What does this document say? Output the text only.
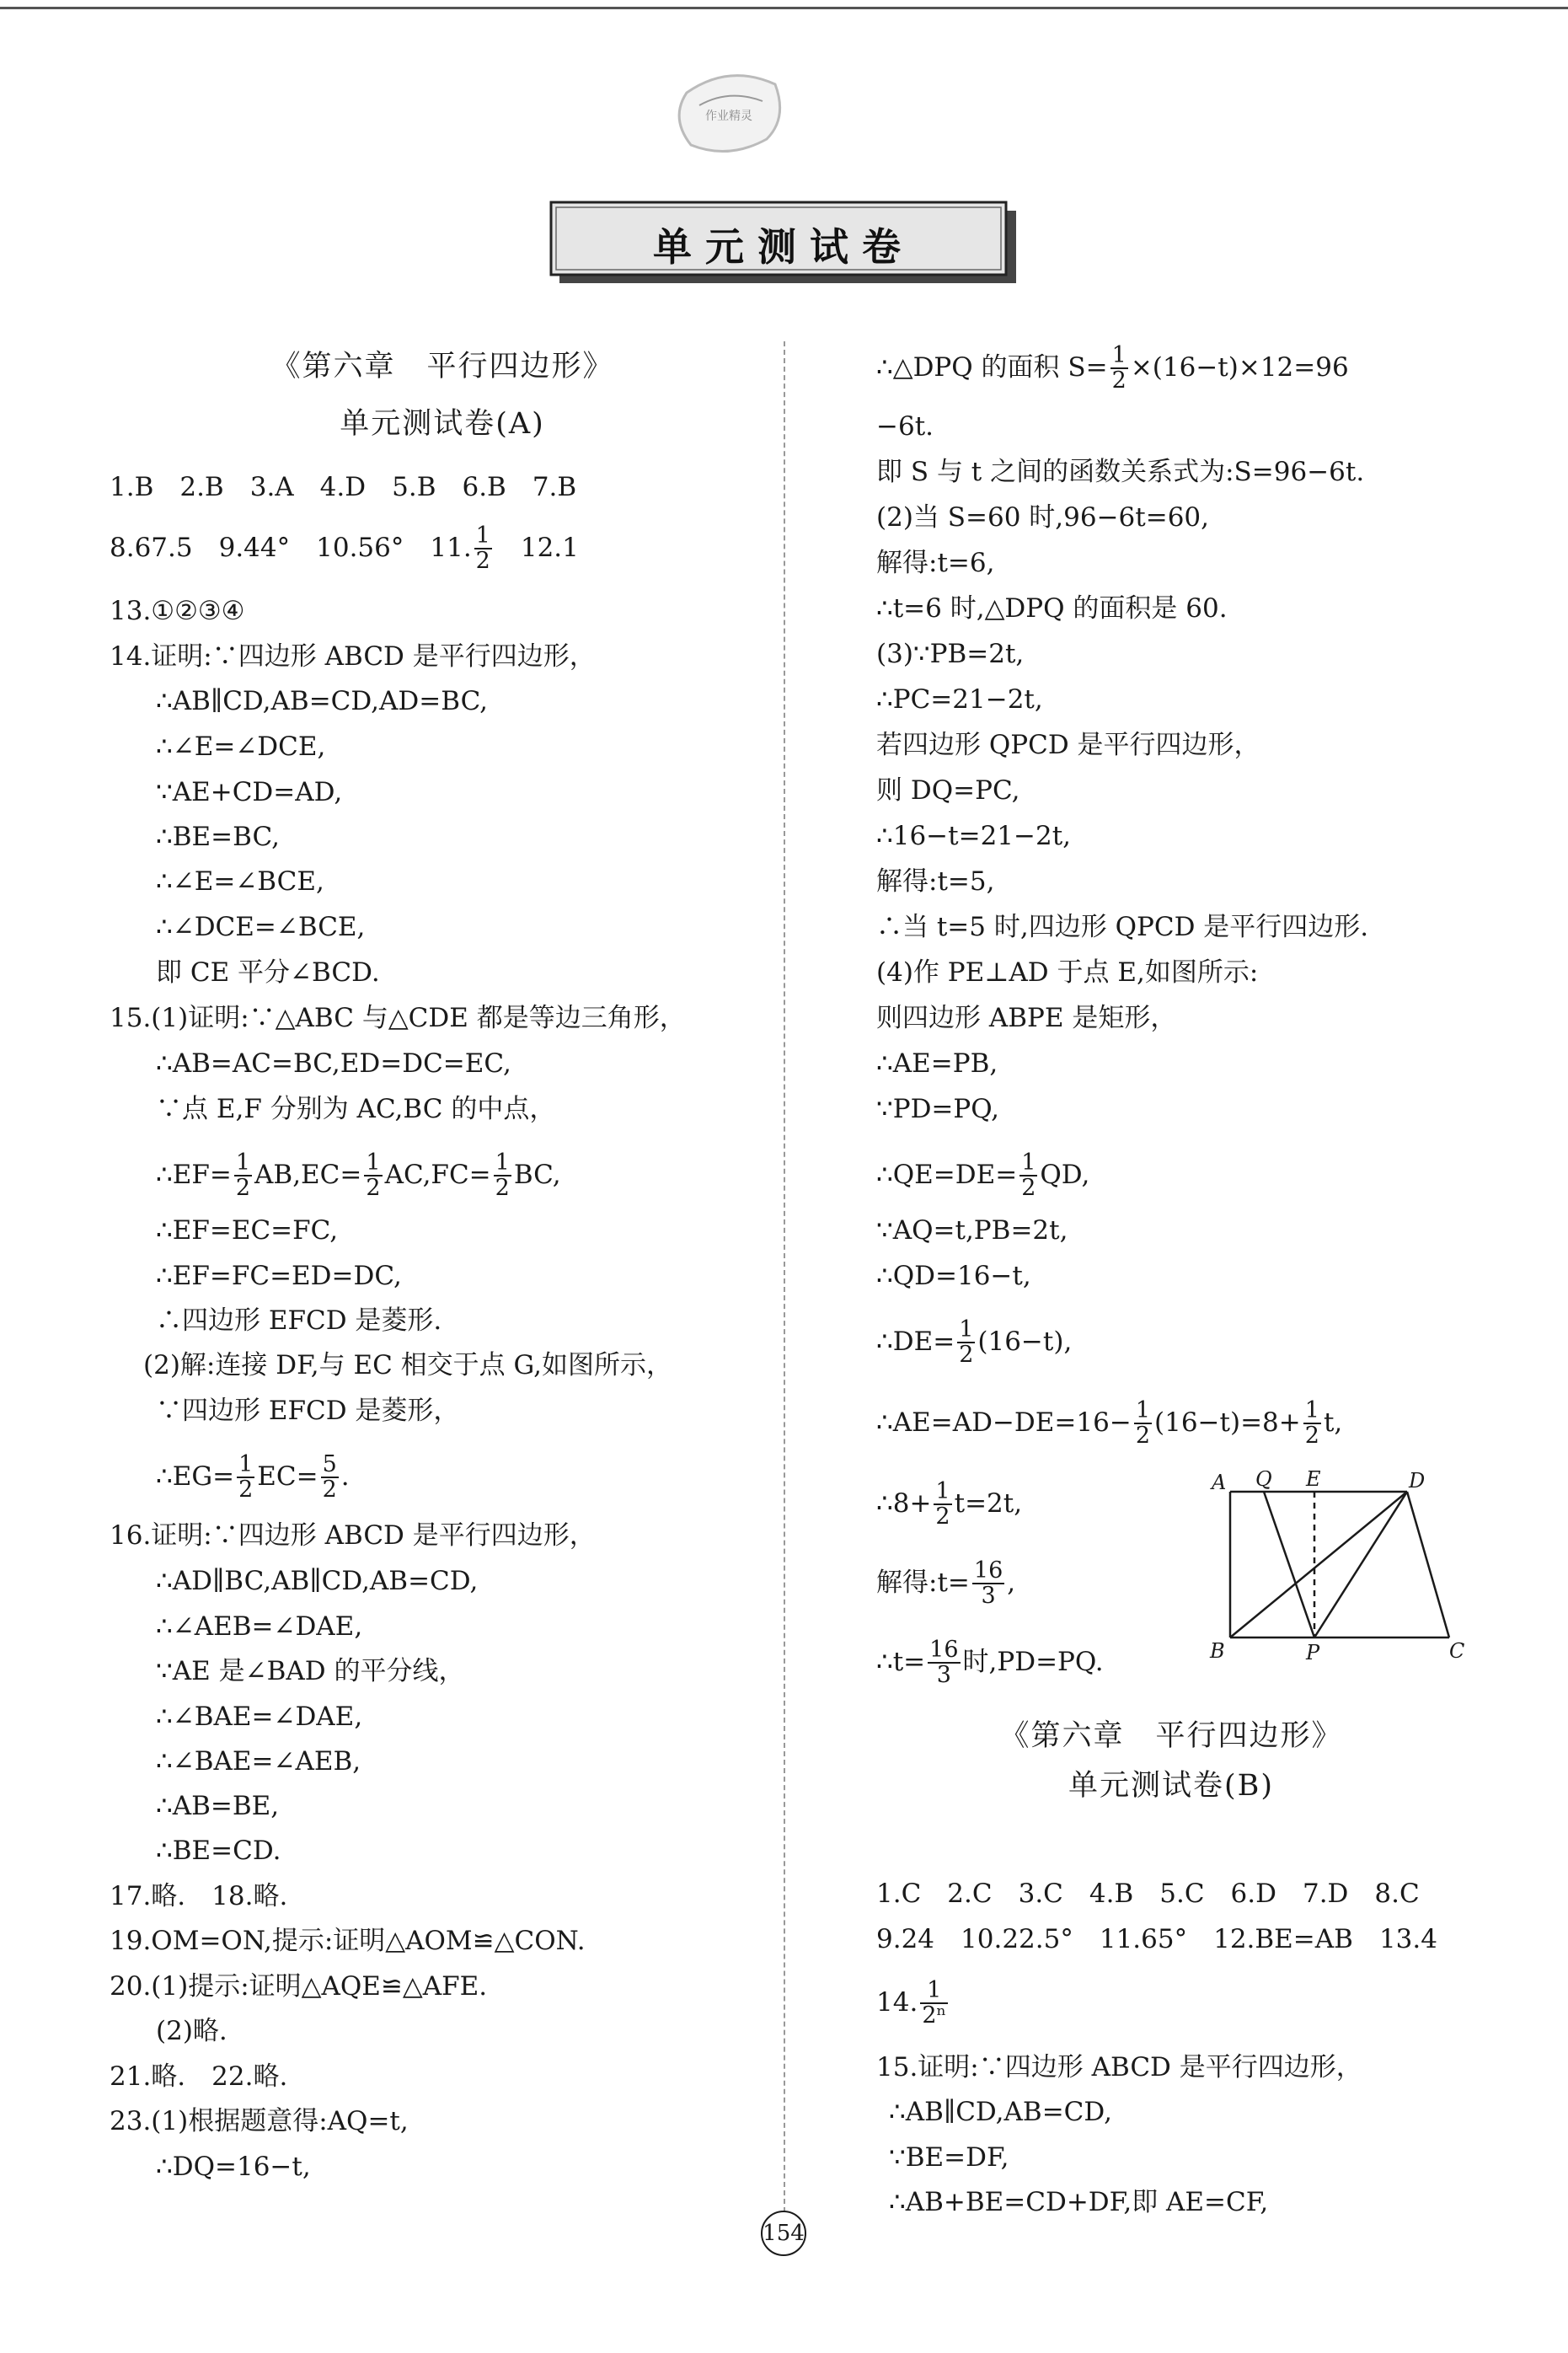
作业精灵
单元测试卷
《第六章　平行四边形》
单元测试卷(A)
1.B　2.B　3.A　4.D　5.B　6.B　7.B
8.67.5　9.44°　10.56°　11. $\frac{1}{2}$
　 12.1
13.①②③④
14.证明:∵四边形 ABCD 是平行四边形，
∴AB∥CD,AB=CD,AD=BC,
∴∠E=∠DCE,
∵AE+CD=AD,
∴BE=BC,
∴∠E=∠BCE,
∴∠DCE=∠BCE,
即 CE 平分∠BCD.
15.(1)证明:∵△ABC 与△CDE 都是等边三角形，
∴AB=AC=BC,ED=DC=EC,
∵点 E,F 分别为 AC,BC 的中点，
∴EF= $\frac{1}{2} AB,EC= \frac{1}{2} AC,FC= \frac{1}{2}$ BC,
∴EF=EC=FC,
∴EF=FC=ED=DC,
∴四边形 EFCD 是菱形.
(2)解:连接 DF,与 EC 相交于点 G,如图所示，
∵四边形 EFCD 是菱形，
∴EG= $\frac{1}{2} EC= \frac{5}{2}$ .
16.证明:∵四边形 ABCD 是平行四边形，
∴AD∥BC,AB∥CD,AB=CD,
∴∠AEB=∠DAE,
∵AE 是∠BAD 的平分线，
∴∠BAE=∠DAE,
∴∠BAE=∠AEB,
∴AB=BE,
∴BE=CD.
17.略.　18.略.
19.OM=ON,提示:证明△AOM≌△CON.
20.(1)提示:证明△AQE≌△AFE.
(2)略.
21.略.　22.略.
23.(1)根据题意得:AQ=t,
∴DQ=16−t,
∴△DPQ 的面积 $S= \frac{1}{2} \times(16-t)\times 12=96$
−6t.
即 S 与 t 之间的函数关系式为:S=96−6t.
(2)当 S=60 时,96−6t=60,
解得:t=6,
∴t=6 时,△DPQ 的面积是 60.
(3)∵PB=2t,
∴PC=21−2t,
若四边形 QPCD 是平行四边形，
则 DQ=PC,
∴16−t=21−2t,
解得:t=5,
∴当 t=5 时,四边形 QPCD 是平行四边形.
(4)作 PE⊥AD 于点 E,如图所示:
则四边形 ABPE 是矩形，
∴AE=PB,
∵PD=PQ,
∴QE=DE= $\frac{1}{2}$ QD,
∵AQ=t,PB=2t,
∴QD=16−t,
∴DE= $\frac{1}{2} (16-t)$,
∴AE=AD−DE=16− $\frac{1}{2} (16-t)=8+ \frac{1}{2} t$,
∴8+ $\frac{1}{2} t=2t$,
解得:t= $\frac{16}{3}$ ,
∴t= $\frac{16}{3}$ 时,PD=PQ.
《第六章　平行四边形》
单元测试卷(B)
1.C　2.C　3.C　4.B　5.C　6.D　7.D　8.C
9.24　10.22.5°　11.65°　12.BE=AB　13.4
14. $\frac{1}{\text{2ⁿ}}$
15.证明:∵四边形 ABCD 是平行四边形，
∴AB∥CD,AB=CD,
∵BE=DF,
∴AB+BE=CD+DF,即 AE=CF,
A Q E	D
B	P	C
154
